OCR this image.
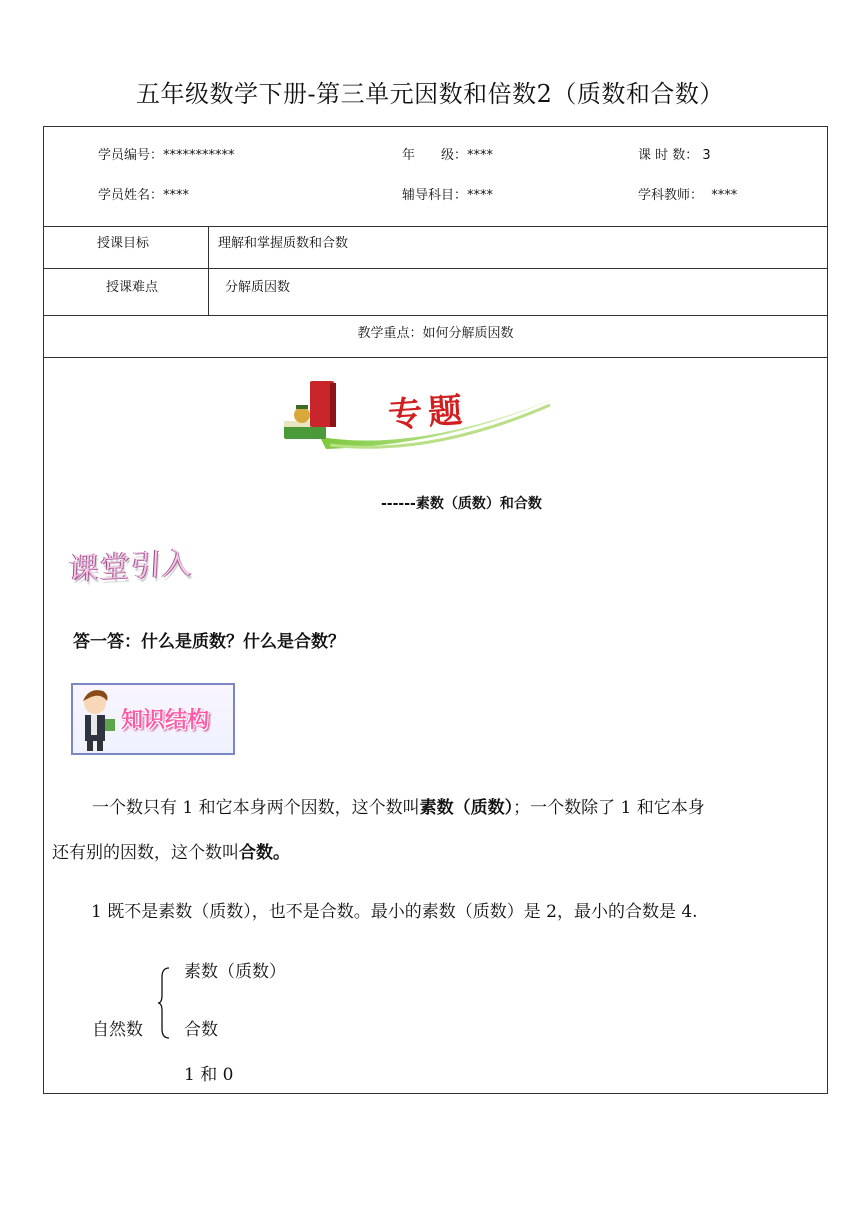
五年级数学下册-第三单元因数和倍数2（质数和合数）
学员编号：***********	年　　级：****	课 时 数： 3
学员姓名：****	辅导科目：****	学科教师： ****
授课目标	理解和掌握质数和合数
授课难点	分解质因数
教学重点：如何分解质因数
专题
------素数（质数）和合数
课堂引入
答一答：什么是质数？什么是合数？
知识结构
一个数只有 1 和它本身两个因数，这个数叫素数（质数）；一个数除了 1 和它本身
还有别的因数，这个数叫合数。
1 既不是素数（质数），也不是合数。最小的素数（质数）是 2，最小的合数是 4.
素数（质数）
自然数 合数
1 和 0
